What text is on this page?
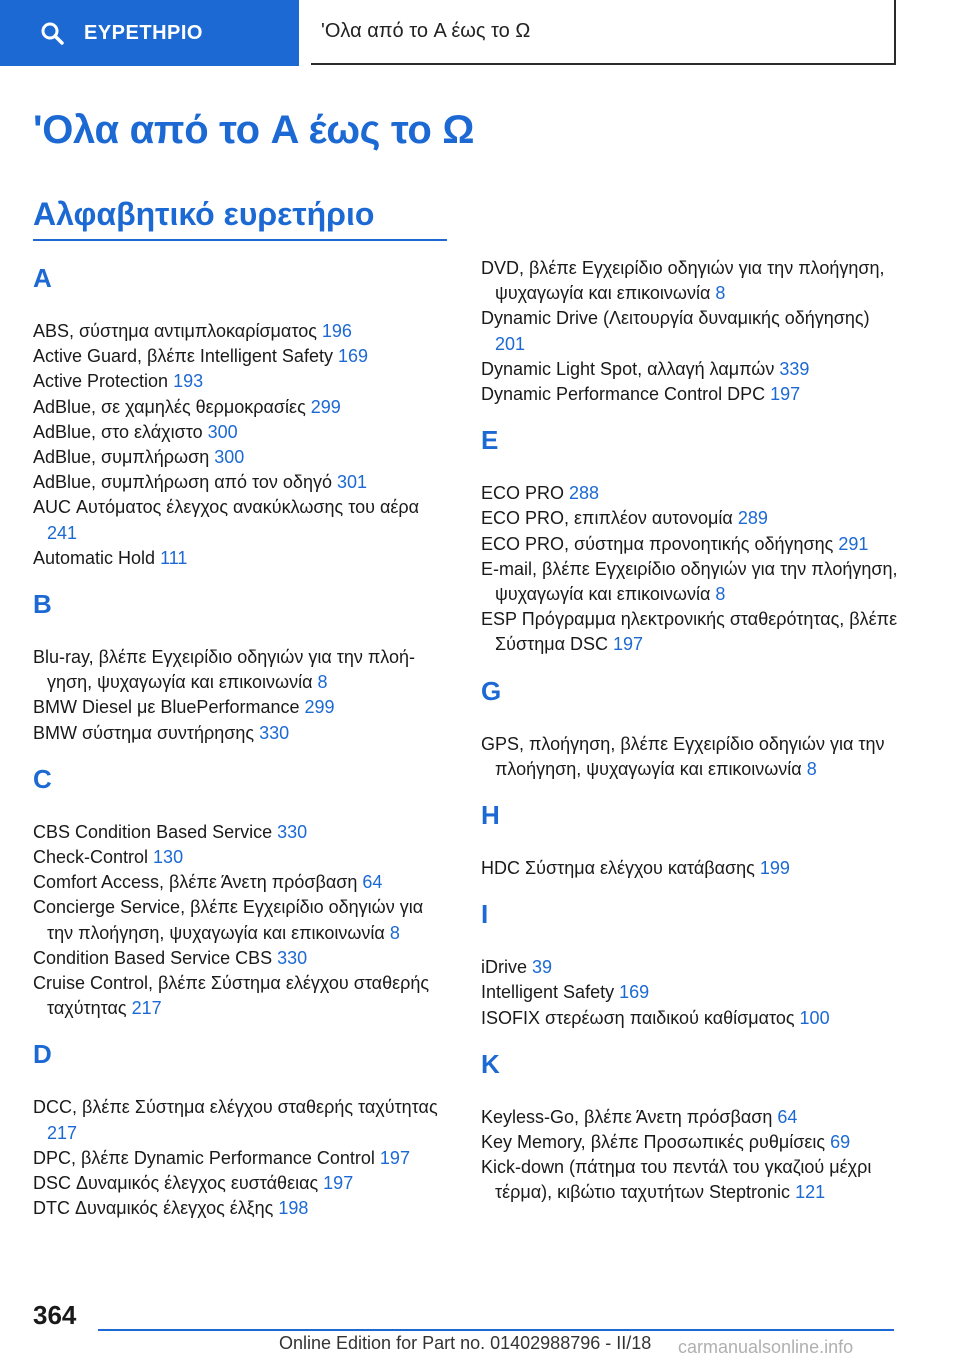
ΕΥΡΕΤΗΡΙΟ	'Ολα από το A έως το Ω
'Ολα από το A έως το Ω
Αλφαβητικό ευρετήριο
A
ABS, σύστημα αντιμπλοκαρίσματος 196
Active Guard, βλέπε Intelligent Safety 169
Active Protection 193
AdBlue, σε χαμηλές θερμοκρασίες 299
AdBlue, στο ελάχιστο 300
AdBlue, συμπλήρωση 300
AdBlue, συμπλήρωση από τον οδηγό 301
AUC Αυτόματος έλεγχος ανακύκλωσης του αέρα 241
Automatic Hold 111
B
Blu-ray, βλέπε Εγχειρίδιο οδηγιών για την πλοήγηση, ψυχαγωγία και επικοινωνία 8
BMW Diesel με BluePerformance 299
BMW σύστημα συντήρησης 330
C
CBS Condition Based Service 330
Check-Control 130
Comfort Access, βλέπε Άνετη πρόσβαση 64
Concierge Service, βλέπε Εγχειρίδιο οδηγιών για την πλοήγηση, ψυχαγωγία και επικοινωνία 8
Condition Based Service CBS 330
Cruise Control, βλέπε Σύστημα ελέγχου σταθερής ταχύτητας 217
D
DCC, βλέπε Σύστημα ελέγχου σταθερής ταχύτητας 217
DPC, βλέπε Dynamic Performance Control 197
DSC Δυναμικός έλεγχος ευστάθειας 197
DTC Δυναμικός έλεγχος έλξης 198
DVD, βλέπε Εγχειρίδιο οδηγιών για την πλοήγηση, ψυχαγωγία και επικοινωνία 8
Dynamic Drive (Λειτουργία δυναμικής οδήγησης) 201
Dynamic Light Spot, αλλαγή λαμπών 339
Dynamic Performance Control DPC 197
E
ECO PRO 288
ECO PRO, επιπλέον αυτονομία 289
ECO PRO, σύστημα προνοητικής οδήγησης 291
E-mail, βλέπε Εγχειρίδιο οδηγιών για την πλοήγηση, ψυχαγωγία και επικοινωνία 8
ESP Πρόγραμμα ηλεκτρονικής σταθερότητας, βλέπε Σύστημα DSC 197
G
GPS, πλοήγηση, βλέπε Εγχειρίδιο οδηγιών για την πλοήγηση, ψυχαγωγία και επικοινωνία 8
H
HDC Σύστημα ελέγχου κατάβασης 199
I
iDrive 39
Intelligent Safety 169
ISOFIX στερέωση παιδικού καθίσματος 100
K
Keyless-Go, βλέπε Άνετη πρόσβαση 64
Key Memory, βλέπε Προσωπικές ρυθμίσεις 69
Kick-down (πάτημα του πεντάλ του γκαζιού μέχρι τέρμα), κιβώτιο ταχυτήτων Steptronic 121
364
Online Edition for Part no. 01402988796 - II/18 carmanualsonline.info
